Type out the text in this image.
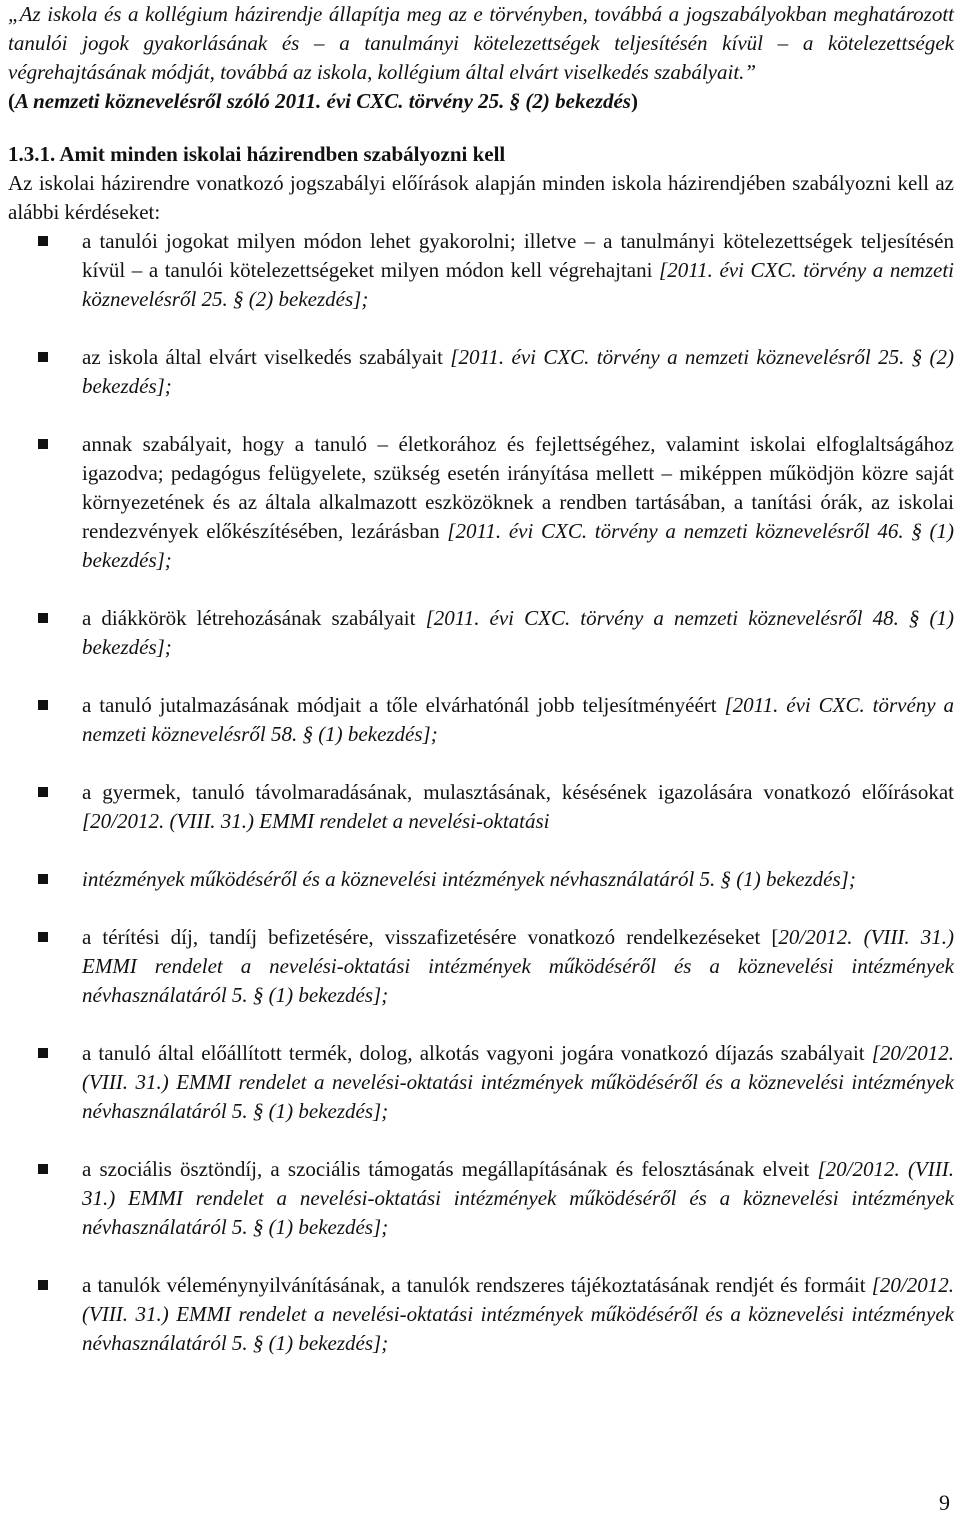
„Az iskola és a kollégium házirendje állapítja meg az e törvényben, továbbá a jogszabályokban meghatározott tanulói jogok gyakorlásának és – a tanulmányi kötelezettségek teljesítésén kívül – a kötelezettségek végrehajtásának módját, továbbá az iskola, kollégium által elvárt viselkedés szabályait.”

(A nemzeti köznevelésről szóló 2011. évi CXC. törvény 25. § (2) bekezdés)

1.3.1. Amit minden iskolai házirendben szabályozni kell

Az iskolai házirendre vonatkozó jogszabályi előírások alapján minden iskola házirendjében szabályozni kell az alábbi kérdéseket:

a tanulói jogokat milyen módon lehet gyakorolni; illetve – a tanulmányi kötelezettségek teljesítésén kívül – a tanulói kötelezettségeket milyen módon kell végrehajtani [2011. évi CXC. törvény a nemzeti köznevelésről 25. § (2) bekezdés];
az iskola által elvárt viselkedés szabályait [2011. évi CXC. törvény a nemzeti köznevelésről 25. § (2) bekezdés];
annak szabályait, hogy a tanuló – életkorához és fejlettségéhez, valamint iskolai elfoglaltságához igazodva; pedagógus felügyelete, szükség esetén irányítása mellett – miképpen működjön közre saját környezetének és az általa alkalmazott eszközöknek a rendben tartásában, a tanítási órák, az iskolai rendezvények előkészítésében, lezárásban [2011. évi CXC. törvény a nemzeti köznevelésről 46. § (1) bekezdés];
a diákkörök létrehozásának szabályait [2011. évi CXC. törvény a nemzeti köznevelésről 48. § (1) bekezdés];
a tanuló jutalmazásának módjait a tőle elvárhatónál jobb teljesítményéért [2011. évi CXC. törvény a nemzeti köznevelésről 58. § (1) bekezdés];
a gyermek, tanuló távolmaradásának, mulasztásának, késésének igazolására vonatkozó előírásokat [20/2012. (VIII. 31.) EMMI rendelet a nevelési-oktatási
intézmények működéséről és a köznevelési intézmények névhasználatáról 5. § (1) bekezdés];
a térítési díj, tandíj befizetésére, visszafizetésére vonatkozó rendelkezéseket [20/2012. (VIII. 31.) EMMI rendelet a nevelési-oktatási intézmények működéséről és a köznevelési intézmények névhasználatáról 5. § (1) bekezdés];
a tanuló által előállított termék, dolog, alkotás vagyoni jogára vonatkozó díjazás szabályait [20/2012. (VIII. 31.) EMMI rendelet a nevelési-oktatási intézmények működéséről és a köznevelési intézmények névhasználatáról 5. § (1) bekezdés];
a szociális ösztöndíj, a szociális támogatás megállapításának és felosztásának elveit [20/2012. (VIII. 31.) EMMI rendelet a nevelési-oktatási intézmények működéséről és a köznevelési intézmények névhasználatáról 5. § (1) bekezdés];
a tanulók véleménynyilvánításának, a tanulók rendszeres tájékoztatásának rendjét és formáit [20/2012. (VIII. 31.) EMMI rendelet a nevelési-oktatási intézmények működéséről és a köznevelési intézmények névhasználatáról 5. § (1) bekezdés];
9
